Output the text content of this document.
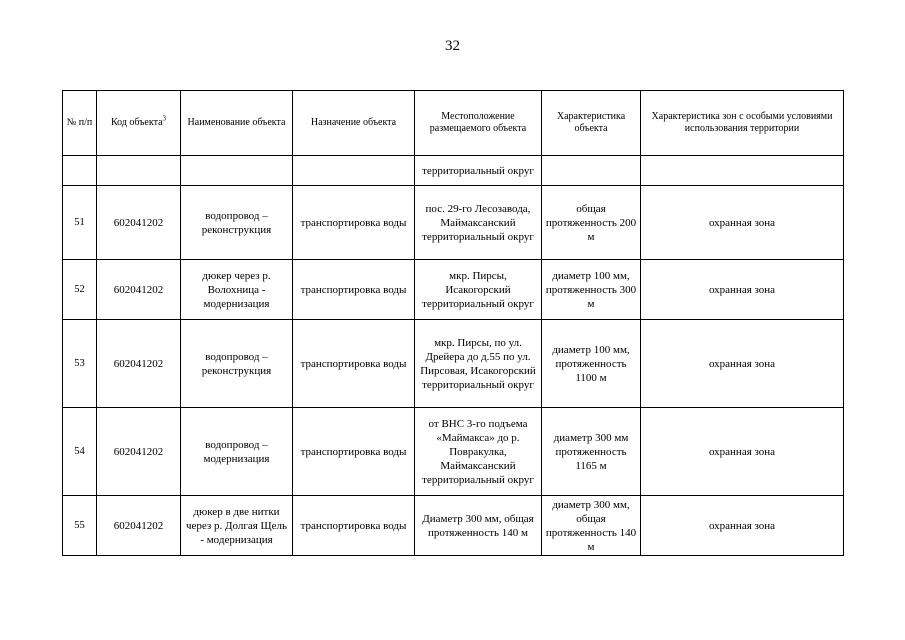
32
№ п/п	Код объекта$^3$	Наименование объекта	Назначение объекта	Местоположение размещаемого объекта	Характеристика объекта	Характеристика зон с особыми условиями использования территории
				территориальный округ		
51	602041202	водопровод – реконструкция	транспортировка воды	пос. 29-го Лесозавода, Маймаксанский территориальный округ	общая протяженность 200 м	охранная зона
52	602041202	дюкер через р. Волохница - модернизация	транспортировка воды	мкр. Пирсы, Исакогорский территориальный округ	диаметр 100 мм, протяженность 300 м	охранная зона
53	602041202	водопровод – реконструкция	транспортировка воды	мкр. Пирсы, по ул. Дрейера до д.55 по ул. Пирсовая, Исакогорский территориальный округ	диаметр 100 мм, протяженность 1100 м	охранная зона
54	602041202	водопровод – модернизация	транспортировка воды	от ВНС 3-го подъема «Маймакса» до р. Повракулка, Маймаксанский территориальный округ	диаметр 300 мм протяженность 1165 м	охранная зона
55	602041202	дюкер в две нитки через р. Долгая Щель - модернизация	транспортировка воды	Диаметр 300 мм, общая протяженность 140 м	диаметр 300 мм, общая протяженность 140 м	охранная зона
